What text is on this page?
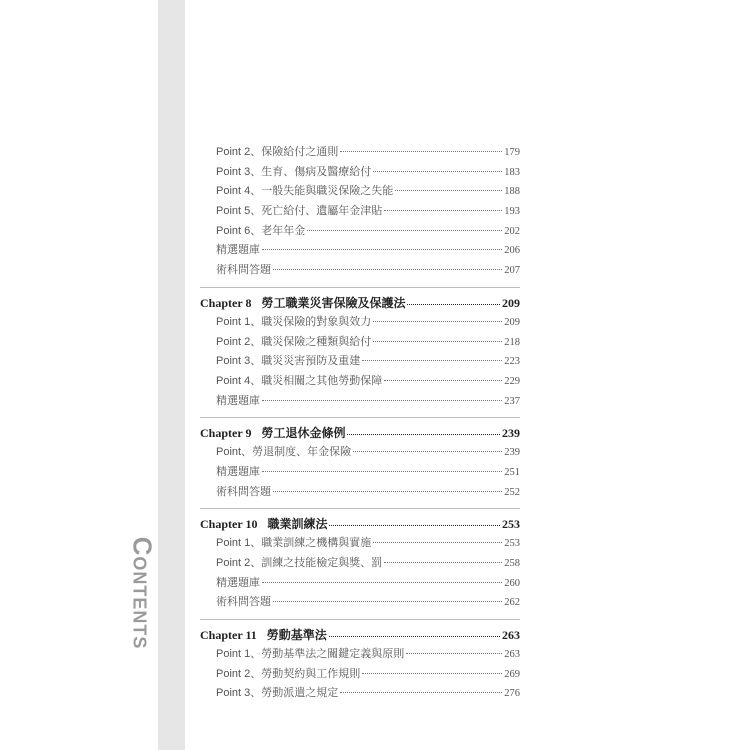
Contents
Point 2、保險給付之通則	179
Point 3、生育、傷病及醫療給付	183
Point 4、一般失能與職災保險之失能	188
Point 5、死亡給付、遺屬年金津貼	193
Point 6、老年年金	202
精選題庫	206
術科問答題	207
Chapter 8 勞工職業災害保險及保護法	209
Point 1、職災保險的對象與效力	209
Point 2、職災保險之種類與給付	218
Point 3、職災災害預防及重建	223
Point 4、職災相關之其他勞動保障	229
精選題庫	237
Chapter 9 勞工退休金條例	239
Point、勞退制度、年金保險	239
精選題庫	251
術科問答題	252
Chapter 10 職業訓練法	253
Point 1、職業訓練之機構與實施	253
Point 2、訓練之技能檢定與獎、罰	258
精選題庫	260
術科問答題	262
Chapter 11 勞動基準法	263
Point 1、勞動基準法之關鍵定義與原則	263
Point 2、勞動契約與工作規則	269
Point 3、勞動派遣之規定	276
